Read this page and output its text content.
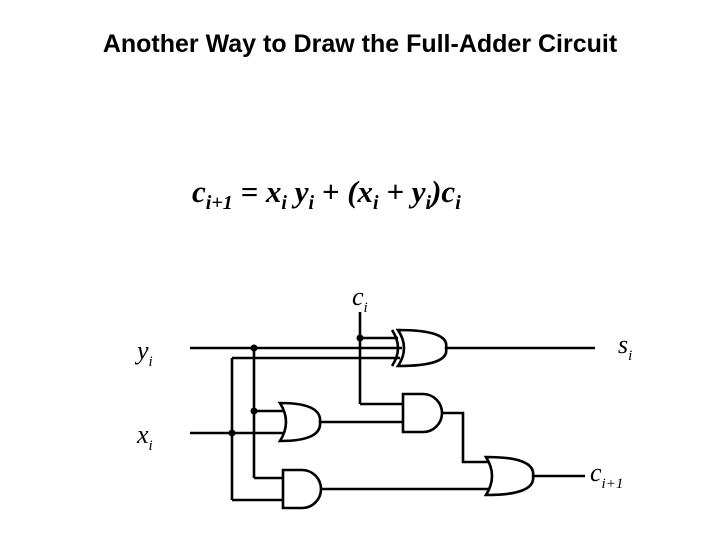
Another Way to Draw the Full-Adder Circuit
$c_{i+1} = x_i$ $y_i + (x_i + y_i)c_i$
$c_i$
$y_i$
$x_i$
$s_i$
$c_{i+1}$
